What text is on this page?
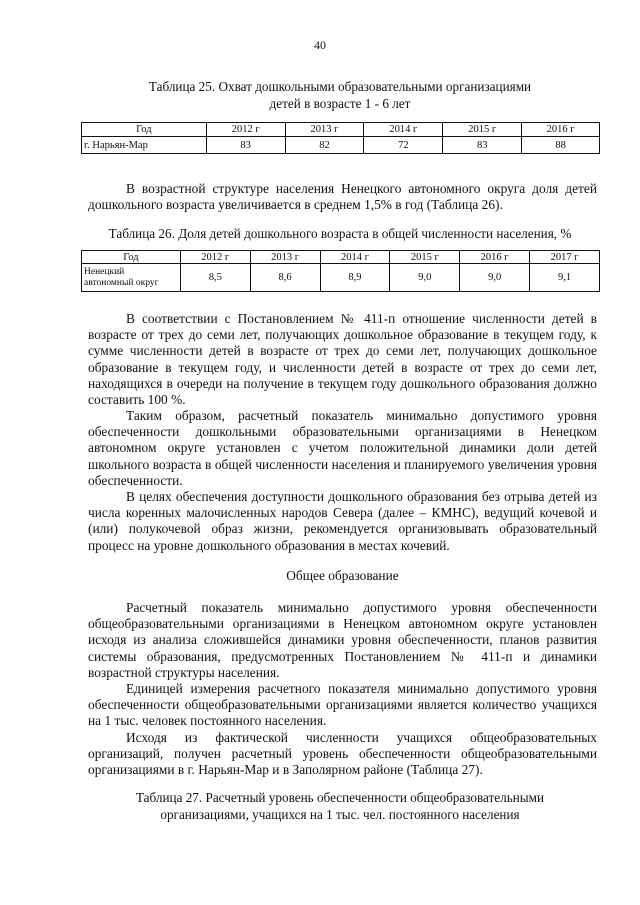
40
Таблица 25. Охват дошкольными образовательными организациями
детей в возрасте 1 - 6 лет
Год	2012 г	2013 г	2014 г	2015 г	2016 г
г. Нарьян-Мар	83	82	72	83	88
В возрастной структуре населения Ненецкого автономного округа доля детей дошкольного возраста увеличивается в среднем 1,5% в год (Таблица 26).
Таблица 26. Доля детей дошкольного возраста в общей численности населения, %
Год	2012 г	2013 г	2014 г	2015 г	2016 г	2017 г

Ненецкий
автономный округ	8,5	8,6	8,9	9,0	9,0	9,1
В соответствии с Постановлением № 411-п отношение численности детей в возрасте от трех до семи лет, получающих дошкольное образование в текущем году, к сумме численности детей в возрасте от трех до семи лет, получающих дошкольное образование в текущем году, и численности детей в возрасте от трех до семи лет, находящихся в очереди на получение в текущем году дошкольного образования должно составить 100 %.
Таким образом, расчетный показатель минимально допустимого уровня обеспеченности дошкольными образовательными организациями в Ненецком автономном округе установлен с учетом положительной динамики доли детей школьного возраста в общей численности населения и планируемого увеличения уровня обеспеченности.
В целях обеспечения доступности дошкольного образования без отрыва детей из числа коренных малочисленных народов Севера (далее – КМНС), ведущий кочевой и (или) полукочевой образ жизни, рекомендуется организовывать образовательный процесс на уровне дошкольного образования в местах кочевий.
Общее образование
Расчетный показатель минимально допустимого уровня обеспеченности общеобразовательными организациями в Ненецком автономном округе установлен исходя из анализа сложившейся динамики уровня обеспеченности, планов развития системы образования, предусмотренных Постановлением № 411-п и динамики возрастной структуры населения.
Единицей измерения расчетного показателя минимально допустимого уровня обеспеченности общеобразовательными организациями является количество учащихся на 1 тыс. человек постоянного населения.
Исходя из фактической численности учащихся общеобразовательных организаций, получен расчетный уровень обеспеченности общеобразовательными организациями в г. Нарьян-Мар и в Заполярном районе (Таблица 27).
Таблица 27. Расчетный уровень обеспеченности общеобразовательными
организациями, учащихся на 1 тыс. чел. постоянного населения
